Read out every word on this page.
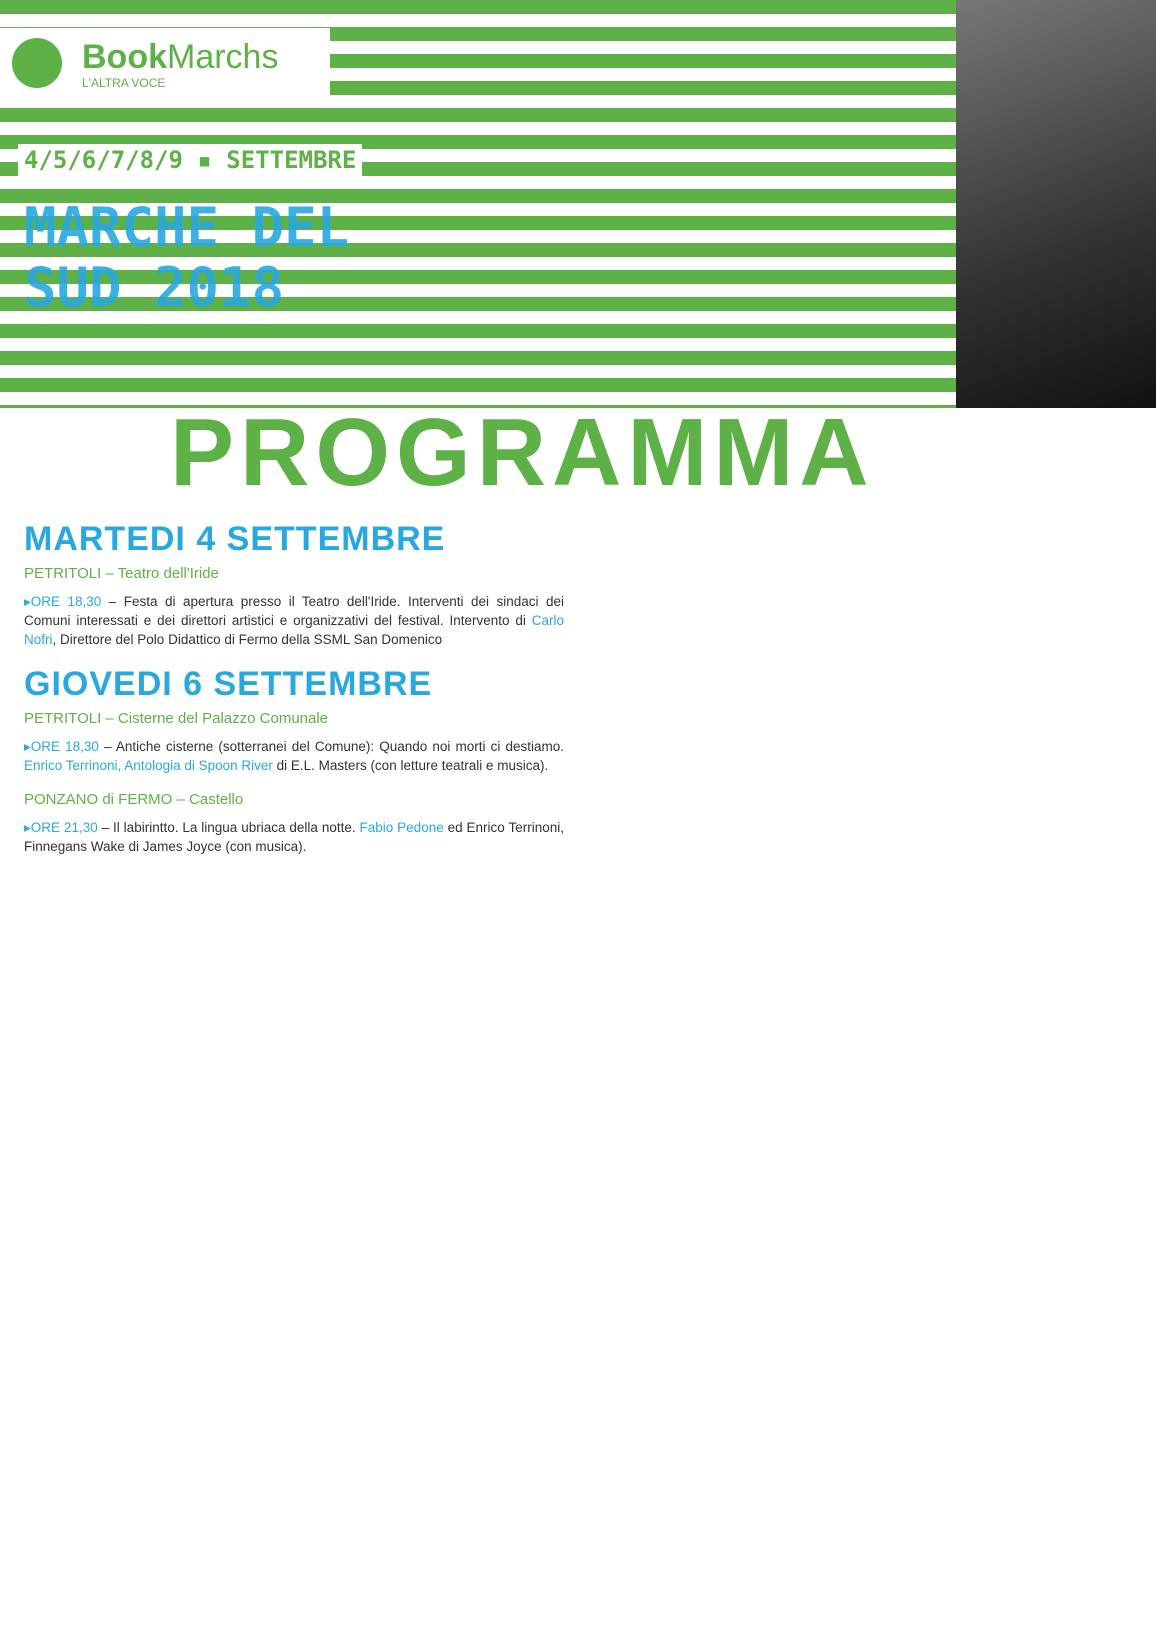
BookMarchs
L'ALTRA VOCE
4/5/6/7/8/9 ▪ SETTEMBRE
MARCHE DEL SUD 2018
PROGRAMMA
MARTEDI 4 SETTEMBRE
PETRITOLI – Teatro dell'Iride

▸ORE 18,30 – Festa di apertura presso il Teatro dell'Iride. Interventi dei sindaci dei Comuni interessati e dei direttori artistici e organizzativi del festival. Intervento di Carlo Nofri, Direttore del Polo Didattico di Fermo della SSML San Domenico

GIOVEDI 6 SETTEMBRE
PETRITOLI – Cisterne del Palazzo Comunale

▸ORE 18,30 – Antiche cisterne (sotterranei del Comune): Quando noi morti ci destiamo. Enrico Terrinoni, Antologia di Spoon River di E.L. Masters (con letture teatrali e musica).

PONZANO di FERMO – Castello

▸ORE 21,30 – Il labirintto. La lingua ubriaca della notte. Fabio Pedone ed Enrico Terrinoni, Finnegans Wake di James Joyce (con musica).
